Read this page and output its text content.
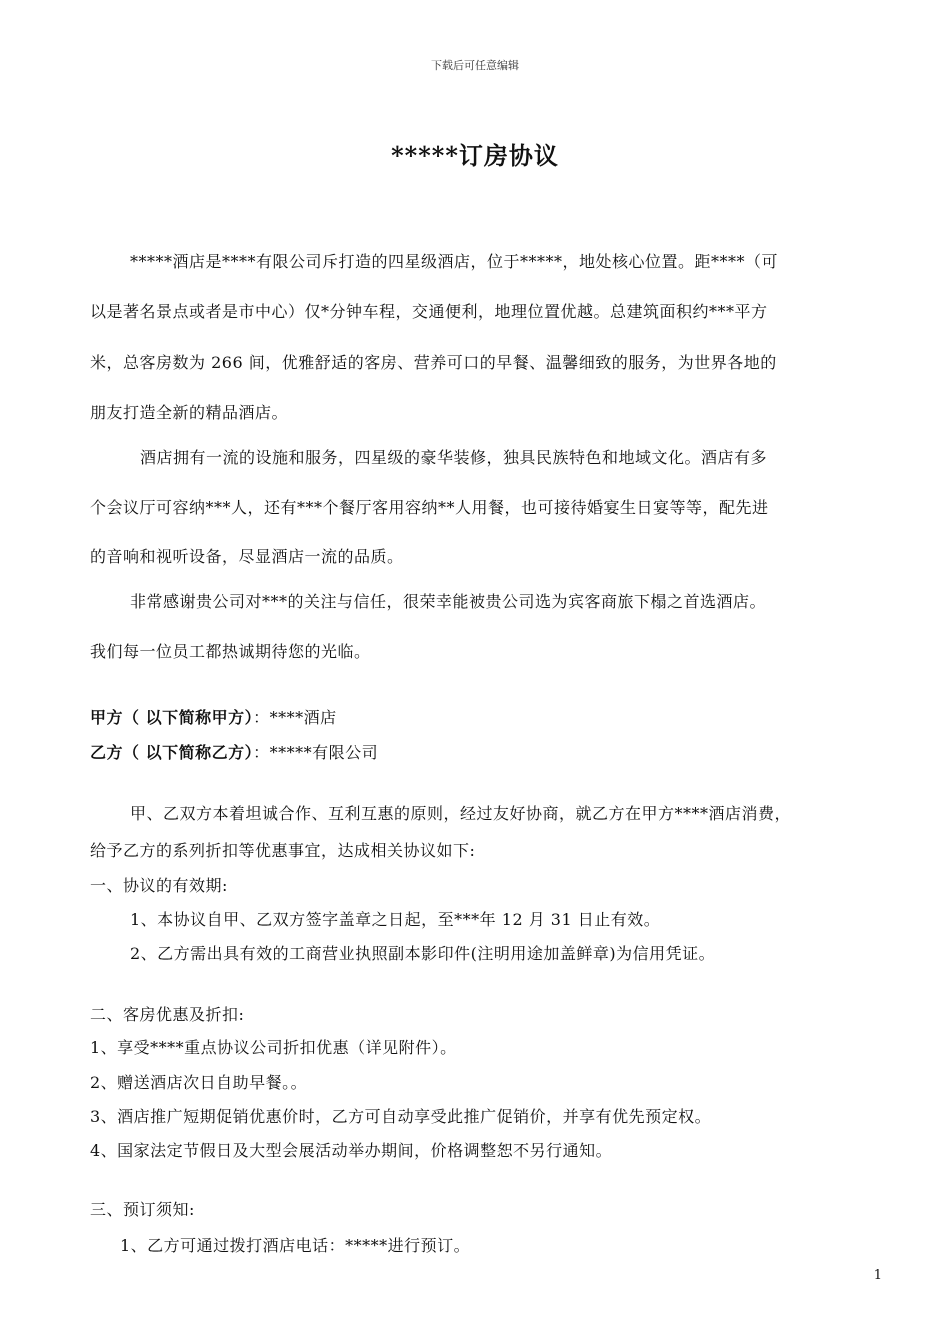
下载后可任意编辑
*****订房协议
*****酒店是****有限公司斥打造的四星级酒店，位于*****，地处核心位置。距****（可
以是著名景点或者是市中心）仅*分钟车程，交通便利，地理位置优越。总建筑面积约***平方
米，总客房数为 266 间，优雅舒适的客房、营养可口的早餐、温馨细致的服务，为世界各地的
朋友打造全新的精品酒店。
酒店拥有一流的设施和服务，四星级的豪华装修，独具民族特色和地域文化。酒店有多
个会议厅可容纳***人，还有***个餐厅客用容纳**人用餐，也可接待婚宴生日宴等等，配先进
的音响和视听设备，尽显酒店一流的品质。
非常感谢贵公司对***的关注与信任，很荣幸能被贵公司选为宾客商旅下榻之首选酒店。
我们每一位员工都热诚期待您的光临。
甲方（ 以下简称甲方）：****酒店
乙方（ 以下简称乙方）：*****有限公司
甲、乙双方本着坦诚合作、互利互惠的原则，经过友好协商，就乙方在甲方****酒店消费，
给予乙方的系列折扣等优惠事宜，达成相关协议如下:
一、协议的有效期:
1、本协议自甲、乙双方签字盖章之日起，至***年 12 月 31 日止有效。
2、乙方需出具有效的工商营业执照副本影印件(注明用途加盖鲜章)为信用凭证。
二、客房优惠及折扣:
1、享受****重点协议公司折扣优惠（详见附件）。
2、赠送酒店次日自助早餐。。
3、酒店推广短期促销优惠价时，乙方可自动享受此推广促销价，并享有优先预定权。
4、国家法定节假日及大型会展活动举办期间，价格调整恕不另行通知。
三、预订须知:
1、乙方可通过拨打酒店电话：*****进行预订。
1
